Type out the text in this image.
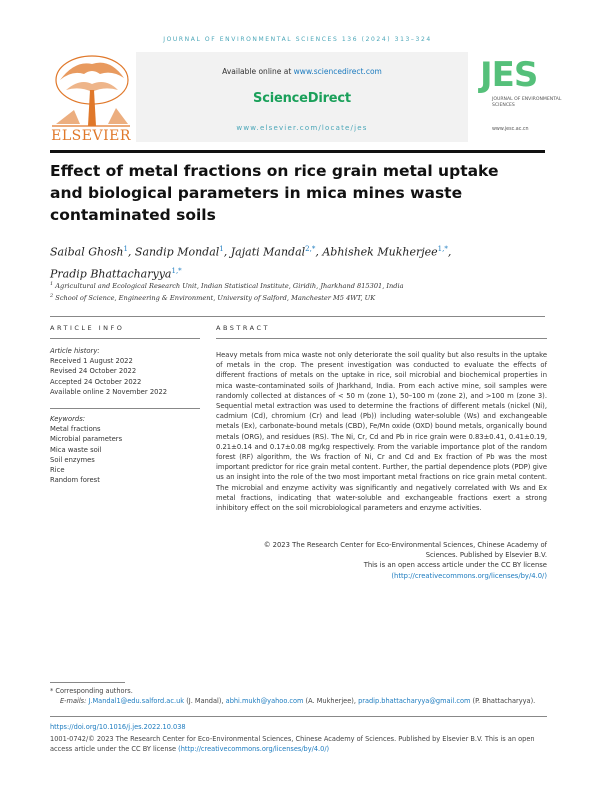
JOURNAL OF ENVIRONMENTAL SCIENCES 136 (2024) 313–324
ELSEVIER
Available online at www.sciencedirect.com
ScienceDirect
www.elsevier.com/locate/jes
JES
JOURNAL OF ENVIRONMENTAL SCIENCES
www.jesc.ac.cn
Effect of metal fractions on rice grain metal uptake and biological parameters in mica mines waste contaminated soils
Saibal Ghosh$^1$, Sandip Mondal$^1$, Jajati Mandal$^{2,*}$, Abhishek Mukherjee$^{1,*}$,
Pradip Bhattacharyya$^{1,*}$
$^1$ Agricultural and Ecological Research Unit, Indian Statistical Institute, Giridih, Jharkhand 815301, India
$^2$ School of Science, Engineering & Environment, University of Salford, Manchester M5 4WT, UK
ARTICLE INFO
Article history:
Received 1 August 2022
Revised 24 October 2022
Accepted 24 October 2022
Available online 2 November 2022
Keywords:
Metal fractions
Microbial parameters
Mica waste soil
Soil enzymes
Rice
Random forest
ABSTRACT
Heavy metals from mica waste not only deteriorate the soil quality but also results in the uptake of metals in the crop. The present investigation was conducted to evaluate the effects of different fractions of metals on the uptake in rice, soil microbial and biochemical properties in mica waste-contaminated soils of Jharkhand, India. From each active mine, soil samples were randomly collected at distances of < 50 m (zone 1), 50–100 m (zone 2), and >100 m (zone 3). Sequential metal extraction was used to determine the fractions of different metals (nickel (Ni), cadmium (Cd), chromium (Cr) and lead (Pb)) including water-soluble (Ws) and exchangeable metals (Ex), carbonate-bound metals (CBD), Fe/Mn oxide (OXD) bound metals, organically bound metals (ORG), and residues (RS). The Ni, Cr, Cd and Pb in rice grain were 0.83±0.41, 0.41±0.19, 0.21±0.14 and 0.17±0.08 mg/kg respectively. From the variable importance plot of the random forest (RF) algorithm, the Ws fraction of Ni, Cr and Cd and Ex fraction of Pb was the most important predictor for rice grain metal content. Further, the partial dependence plots (PDP) give us an insight into the role of the two most important metal fractions on rice grain metal content. The microbial and enzyme activity was significantly and negatively correlated with Ws and Ex metal fractions, indicating that water-soluble and exchangeable fractions exert a strong inhibitory effect on the soil microbiological parameters and enzyme activities.
© 2023 The Research Center for Eco-Environmental Sciences, Chinese Academy of
Sciences. Published by Elsevier B.V.
This is an open access article under the CC BY license
(http://creativecommons.org/licenses/by/4.0/)
* Corresponding authors.
E-mails: J.Mandal1@edu.salford.ac.uk (J. Mandal), abhi.mukh@yahoo.com (A. Mukherjee), pradip.bhattacharyya@gmail.com (P. Bhattacharyya).
https://doi.org/10.1016/j.jes.2022.10.038
1001-0742/© 2023 The Research Center for Eco-Environmental Sciences, Chinese Academy of Sciences. Published by Elsevier B.V. This is an open access article under the CC BY license (http://creativecommons.org/licenses/by/4.0/)
